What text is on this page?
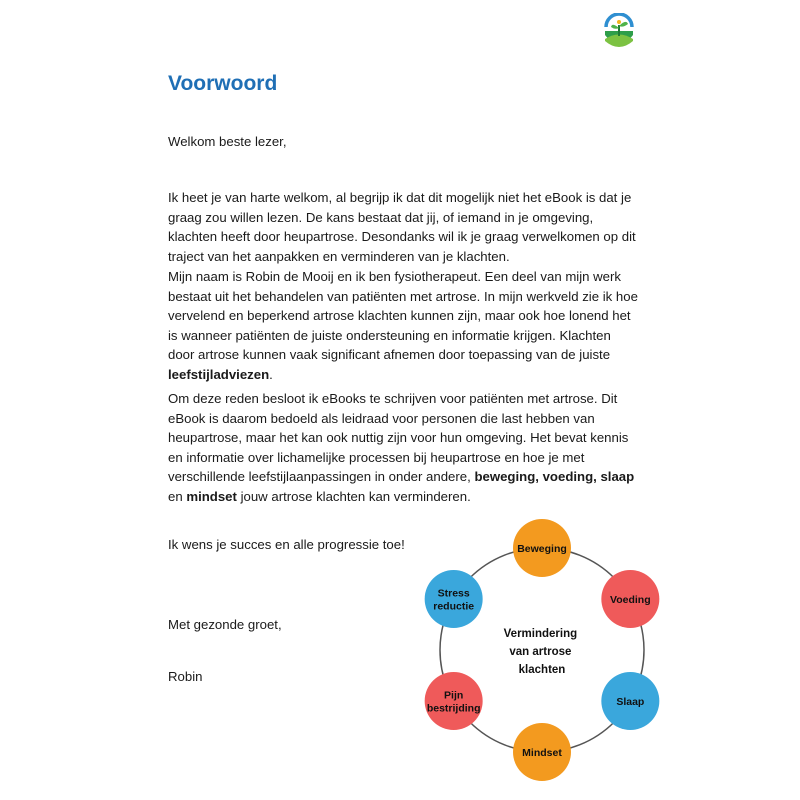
Voorwoord

Welkom beste lezer,

Ik heet je van harte welkom, al begrijp ik dat dit mogelijk niet het eBook is dat je graag zou willen lezen. De kans bestaat dat jij, of iemand in je omgeving, klachten heeft door heupartrose. Desondanks wil ik je graag verwelkomen op dit traject van het aanpakken en verminderen van je klachten.

Mijn naam is Robin de Mooij en ik ben fysiotherapeut. Een deel van mijn werk bestaat uit het behandelen van patiënten met artrose. In mijn werkveld zie ik hoe vervelend en beperkend artrose klachten kunnen zijn, maar ook hoe lonend het is wanneer patiënten de juiste ondersteuning en informatie krijgen. Klachten door artrose kunnen vaak significant afnemen door toepassing van de juiste leefstijladviezen.

Om deze reden besloot ik eBooks te schrijven voor patiënten met artrose. Dit eBook is daarom bedoeld als leidraad voor personen die last hebben van heupartrose, maar het kan ook nuttig zijn voor hun omgeving. Het bevat kennis en informatie over lichamelijke processen bij heupartrose en hoe je met verschillende leefstijlaanpassingen in onder andere, beweging, voeding, slaap en mindset jouw artrose klachten kan verminderen.

Ik wens je succes en alle progressie toe!

Met gezonde groet,

Robin

Vermindering van artrose klachten
Beweging
Voeding
Slaap
Mindset
Pijn bestrijding
Stress reductie
